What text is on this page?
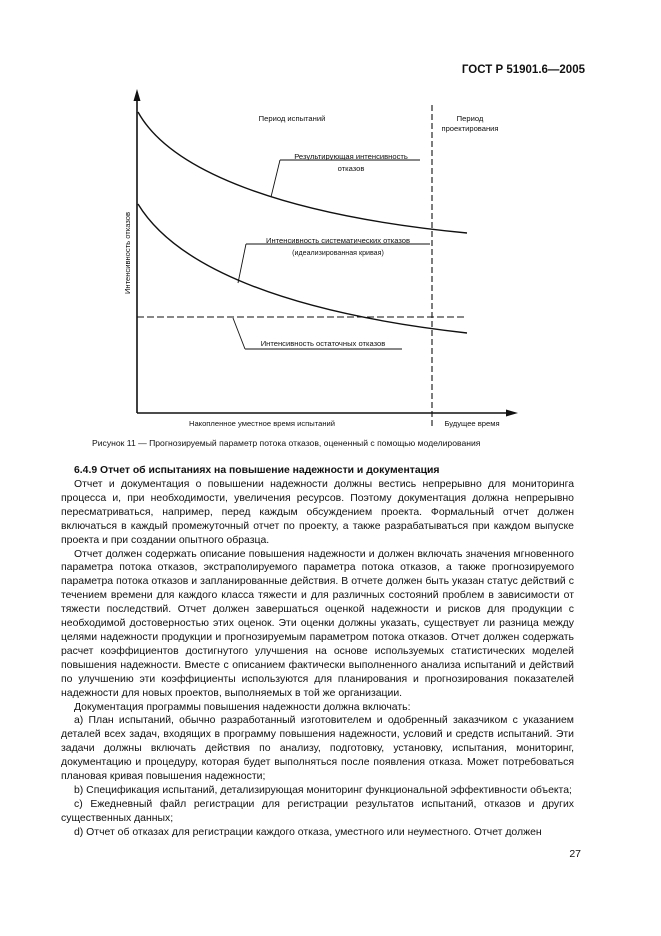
ГОСТ Р 51901.6—2005
Период испытаний	Период
проектирования
Результирующая интенсивность
отказов
Интенсивность систематических отказов
(идеализированная кривая)
Интенсивность остаточных отказов
Накопленное уместное время испытаний	Будущее время
Интенсивность отказов
Рисунок 11 — Прогнозируемый параметр потока отказов, оцененный с помощью моделирования
6.4.9 Отчет об испытаниях на повышение надежности и документация

Отчет и документация о повышении надежности должны вестись непрерывно для мониторинга процесса и, при необходимости, увеличения ресурсов. Поэтому документация должна непрерывно пересматриваться, например, перед каждым обсуждением проекта. Формальный отчет должен включаться в каждый промежуточный отчет по проекту, а также разрабатываться при каждом выпуске проекта и при создании опытного образца.

Отчет должен содержать описание повышения надежности и должен включать значения мгновенного параметра потока отказов, экстраполируемого параметра потока отказов, а также прогнозируемого параметра потока отказов и запланированные действия. В отчете должен быть указан статус действий с течением времени для каждого класса тяжести и для различных состояний проблем в зависимости от тяжести последствий. Отчет должен завершаться оценкой надежности и рисков для продукции с необходимой достоверностью этих оценок. Эти оценки должны указать, существует ли разница между целями надежности продукции и прогнозируемым параметром потока отказов. Отчет должен содержать расчет коэффициентов достигнутого улучшения на основе используемых статистических моделей повышения надежности. Вместе с описанием фактически выполненного анализа испытаний и действий по улучшению эти коэффициенты используются для планирования и прогнозирования показателей надежности для новых проектов, выполняемых в той же организации.

Документация программы повышения надежности должна включать:

a) План испытаний, обычно разработанный изготовителем и одобренный заказчиком с указанием деталей всех задач, входящих в программу повышения надежности, условий и средств испытаний. Эти задачи должны включать действия по анализу, подготовку, установку, испытания, мониторинг, документацию и процедуру, которая будет выполняться после появления отказа. Может потребоваться плановая кривая повышения надежности;

b) Спецификация испытаний, детализирующая мониторинг функциональной эффективности объекта;

c) Ежедневный файл регистрации для регистрации результатов испытаний, отказов и других существенных данных;

d) Отчет об отказах для регистрации каждого отказа, уместного или неуместного. Отчет должен

27
